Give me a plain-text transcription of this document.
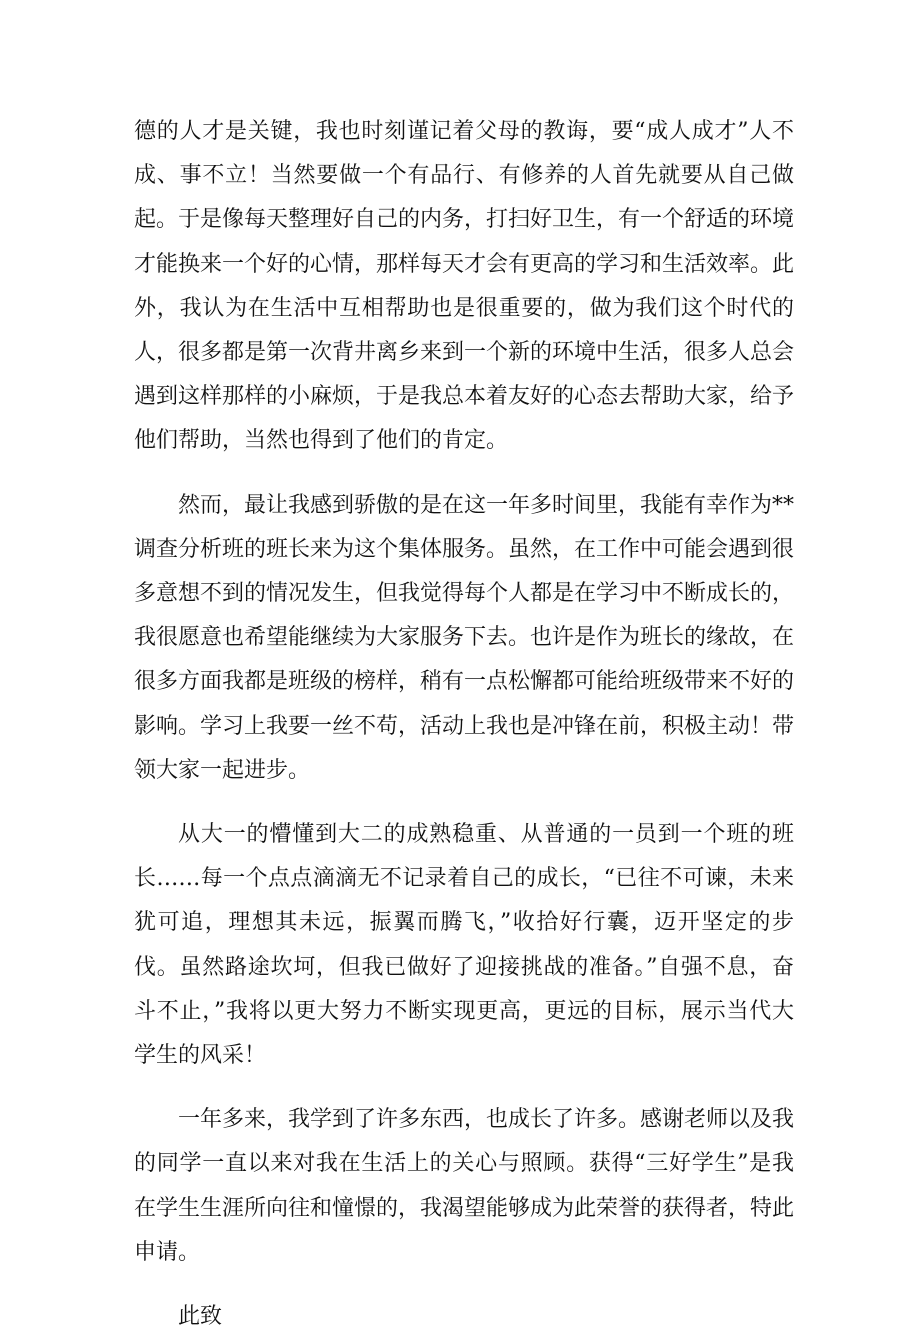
德的人才是关键，我也时刻谨记着父母的教诲，要“成人成才”人不成、事不立！当然要做一个有品行、有修养的人首先就要从自己做起。于是像每天整理好自己的内务，打扫好卫生，有一个舒适的环境才能换来一个好的心情，那样每天才会有更高的学习和生活效率。此外，我认为在生活中互相帮助也是很重要的，做为我们这个时代的人，很多都是第一次背井离乡来到一个新的环境中生活，很多人总会遇到这样那样的小麻烦，于是我总本着友好的心态去帮助大家，给予他们帮助，当然也得到了他们的肯定。

然而，最让我感到骄傲的是在这一年多时间里，我能有幸作为**调查分析班的班长来为这个集体服务。虽然，在工作中可能会遇到很多意想不到的情况发生，但我觉得每个人都是在学习中不断成长的，我很愿意也希望能继续为大家服务下去。也许是作为班长的缘故，在很多方面我都是班级的榜样，稍有一点松懈都可能给班级带来不好的影响。学习上我要一丝不苟，活动上我也是冲锋在前，积极主动！带领大家一起进步。

从大一的懵懂到大二的成熟稳重、从普通的一员到一个班的班长……每一个点点滴滴无不记录着自己的成长，“已往不可谏，未来犹可追，理想其未远，振翼而腾飞，”收拾好行囊，迈开坚定的步伐。虽然路途坎坷，但我已做好了迎接挑战的准备。”自强不息，奋斗不止，”我将以更大努力不断实现更高，更远的目标，展示当代大学生的风采！

一年多来，我学到了许多东西，也成长了许多。感谢老师以及我的同学一直以来对我在生活上的关心与照顾。获得“三好学生”是我在学生生涯所向往和憧憬的，我渴望能够成为此荣誉的获得者，特此申请。

此致
